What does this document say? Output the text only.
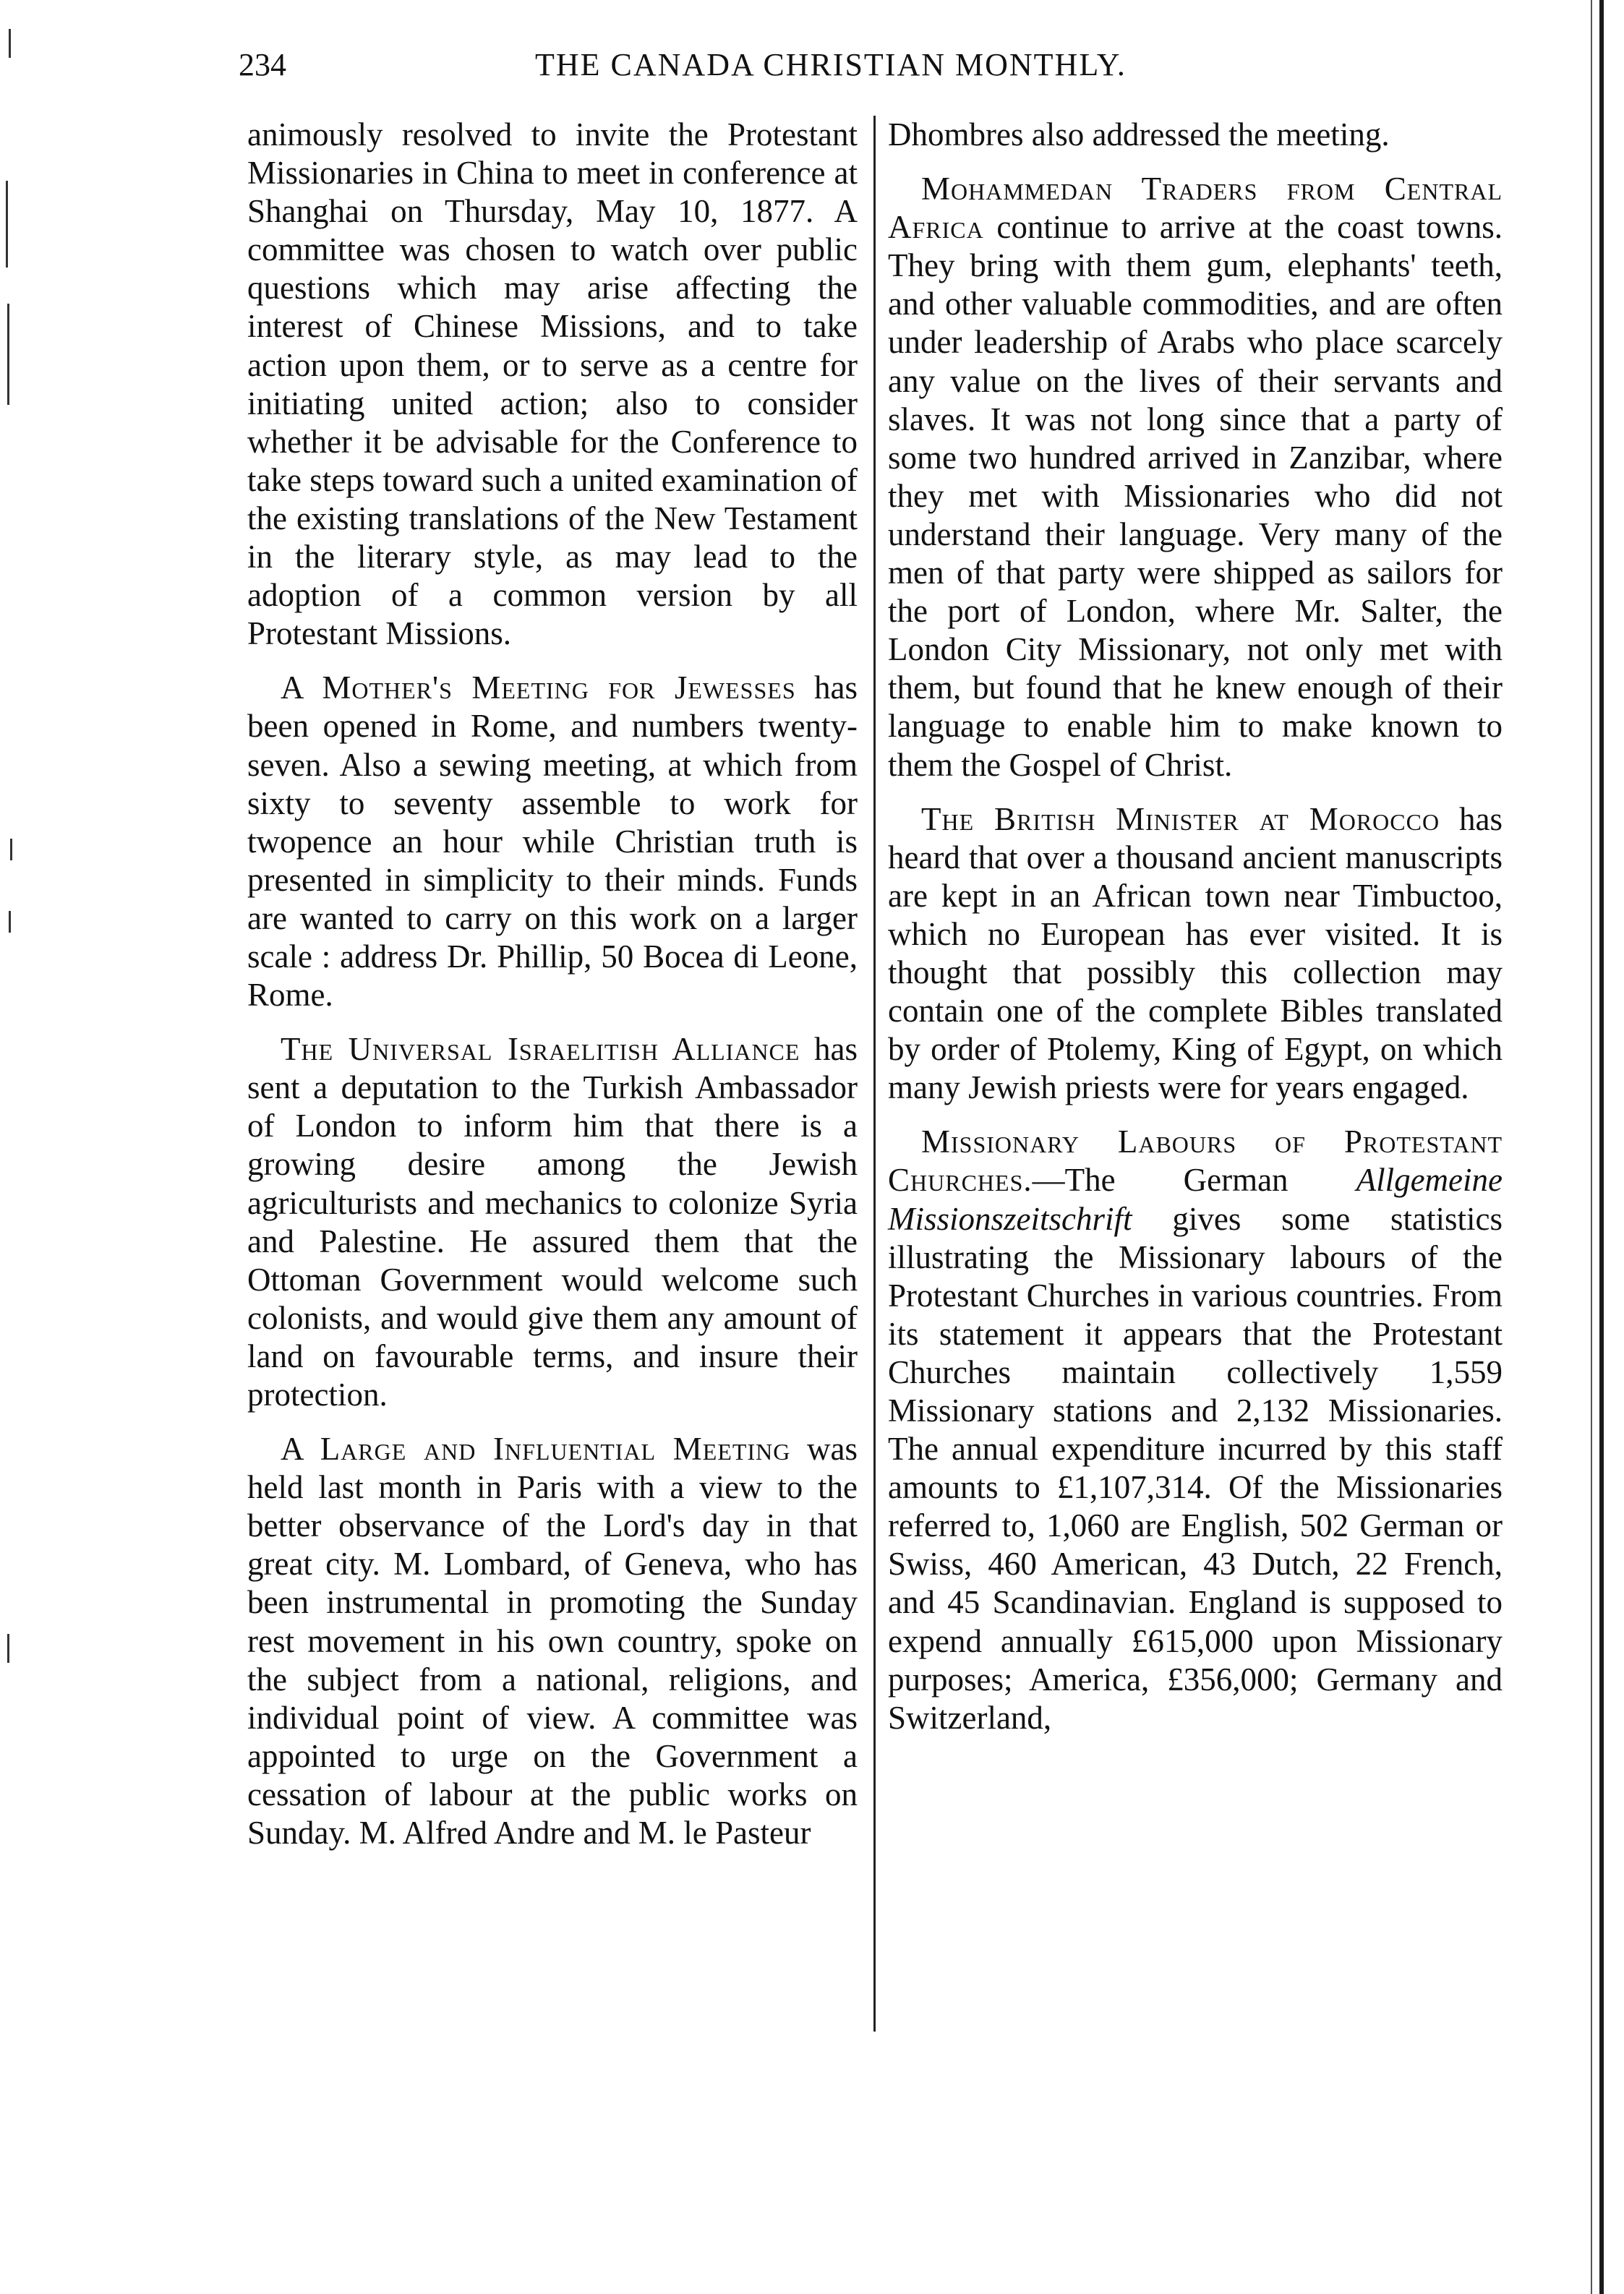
234	THE CANADA CHRISTIAN MONTHLY.

animously resolved to invite the Protestant Missionaries in China to meet in conference at Shanghai on Thursday, May 10, 1877. A committee was chosen to watch over public questions which may arise affecting the interest of Chinese Missions, and to take action upon them, or to serve as a centre for initiating united action; also to consider whether it be advisable for the Conference to take steps toward such a united examination of the existing translations of the New Testament in the literary style, as may lead to the adoption of a common version by all Protestant Missions.

A Mother's Meeting for Jewesses has been opened in Rome, and numbers twenty-seven. Also a sewing meeting, at which from sixty to seventy assemble to work for twopence an hour while Christian truth is presented in simplicity to their minds. Funds are wanted to carry on this work on a larger scale : address Dr. Phillip, 50 Bocea di Leone, Rome.

The Universal Israelitish Alliance has sent a deputation to the Turkish Ambassador of London to inform him that there is a growing desire among the Jewish agriculturists and mechanics to colonize Syria and Palestine. He assured them that the Ottoman Government would welcome such colonists, and would give them any amount of land on favourable terms, and insure their protection.

A Large and Influential Meeting was held last month in Paris with a view to the better observance of the Lord's day in that great city. M. Lombard, of Geneva, who has been instrumental in promoting the Sunday rest movement in his own country, spoke on the subject from a national, religions, and individual point of view. A committee was appointed to urge on the Government a cessation of labour at the public works on Sunday. M. Alfred Andre and M. le Pasteur

Dhombres also addressed the meeting.

Mohammedan Traders from Central Africa continue to arrive at the coast towns. They bring with them gum, elephants' teeth, and other valuable commodities, and are often under leadership of Arabs who place scarcely any value on the lives of their servants and slaves. It was not long since that a party of some two hundred arrived in Zanzibar, where they met with Missionaries who did not understand their language. Very many of the men of that party were shipped as sailors for the port of London, where Mr. Salter, the London City Missionary, not only met with them, but found that he knew enough of their language to enable him to make known to them the Gospel of Christ.

The British Minister at Morocco has heard that over a thousand ancient manuscripts are kept in an African town near Timbuctoo, which no European has ever visited. It is thought that possibly this collection may contain one of the complete Bibles translated by order of Ptolemy, King of Egypt, on which many Jewish priests were for years engaged.

Missionary Labours of Protestant Churches.—The German Allgemeine Missionszeitschrift gives some statistics illustrating the Missionary labours of the Protestant Churches in various countries. From its statement it appears that the Protestant Churches maintain collectively 1,559 Missionary stations and 2,132 Missionaries. The annual expenditure incurred by this staff amounts to £1,107,314. Of the Missionaries referred to, 1,060 are English, 502 German or Swiss, 460 American, 43 Dutch, 22 French, and 45 Scandinavian. England is supposed to expend annually £615,000 upon Missionary purposes; America, £356,000; Germany and Switzerland,
